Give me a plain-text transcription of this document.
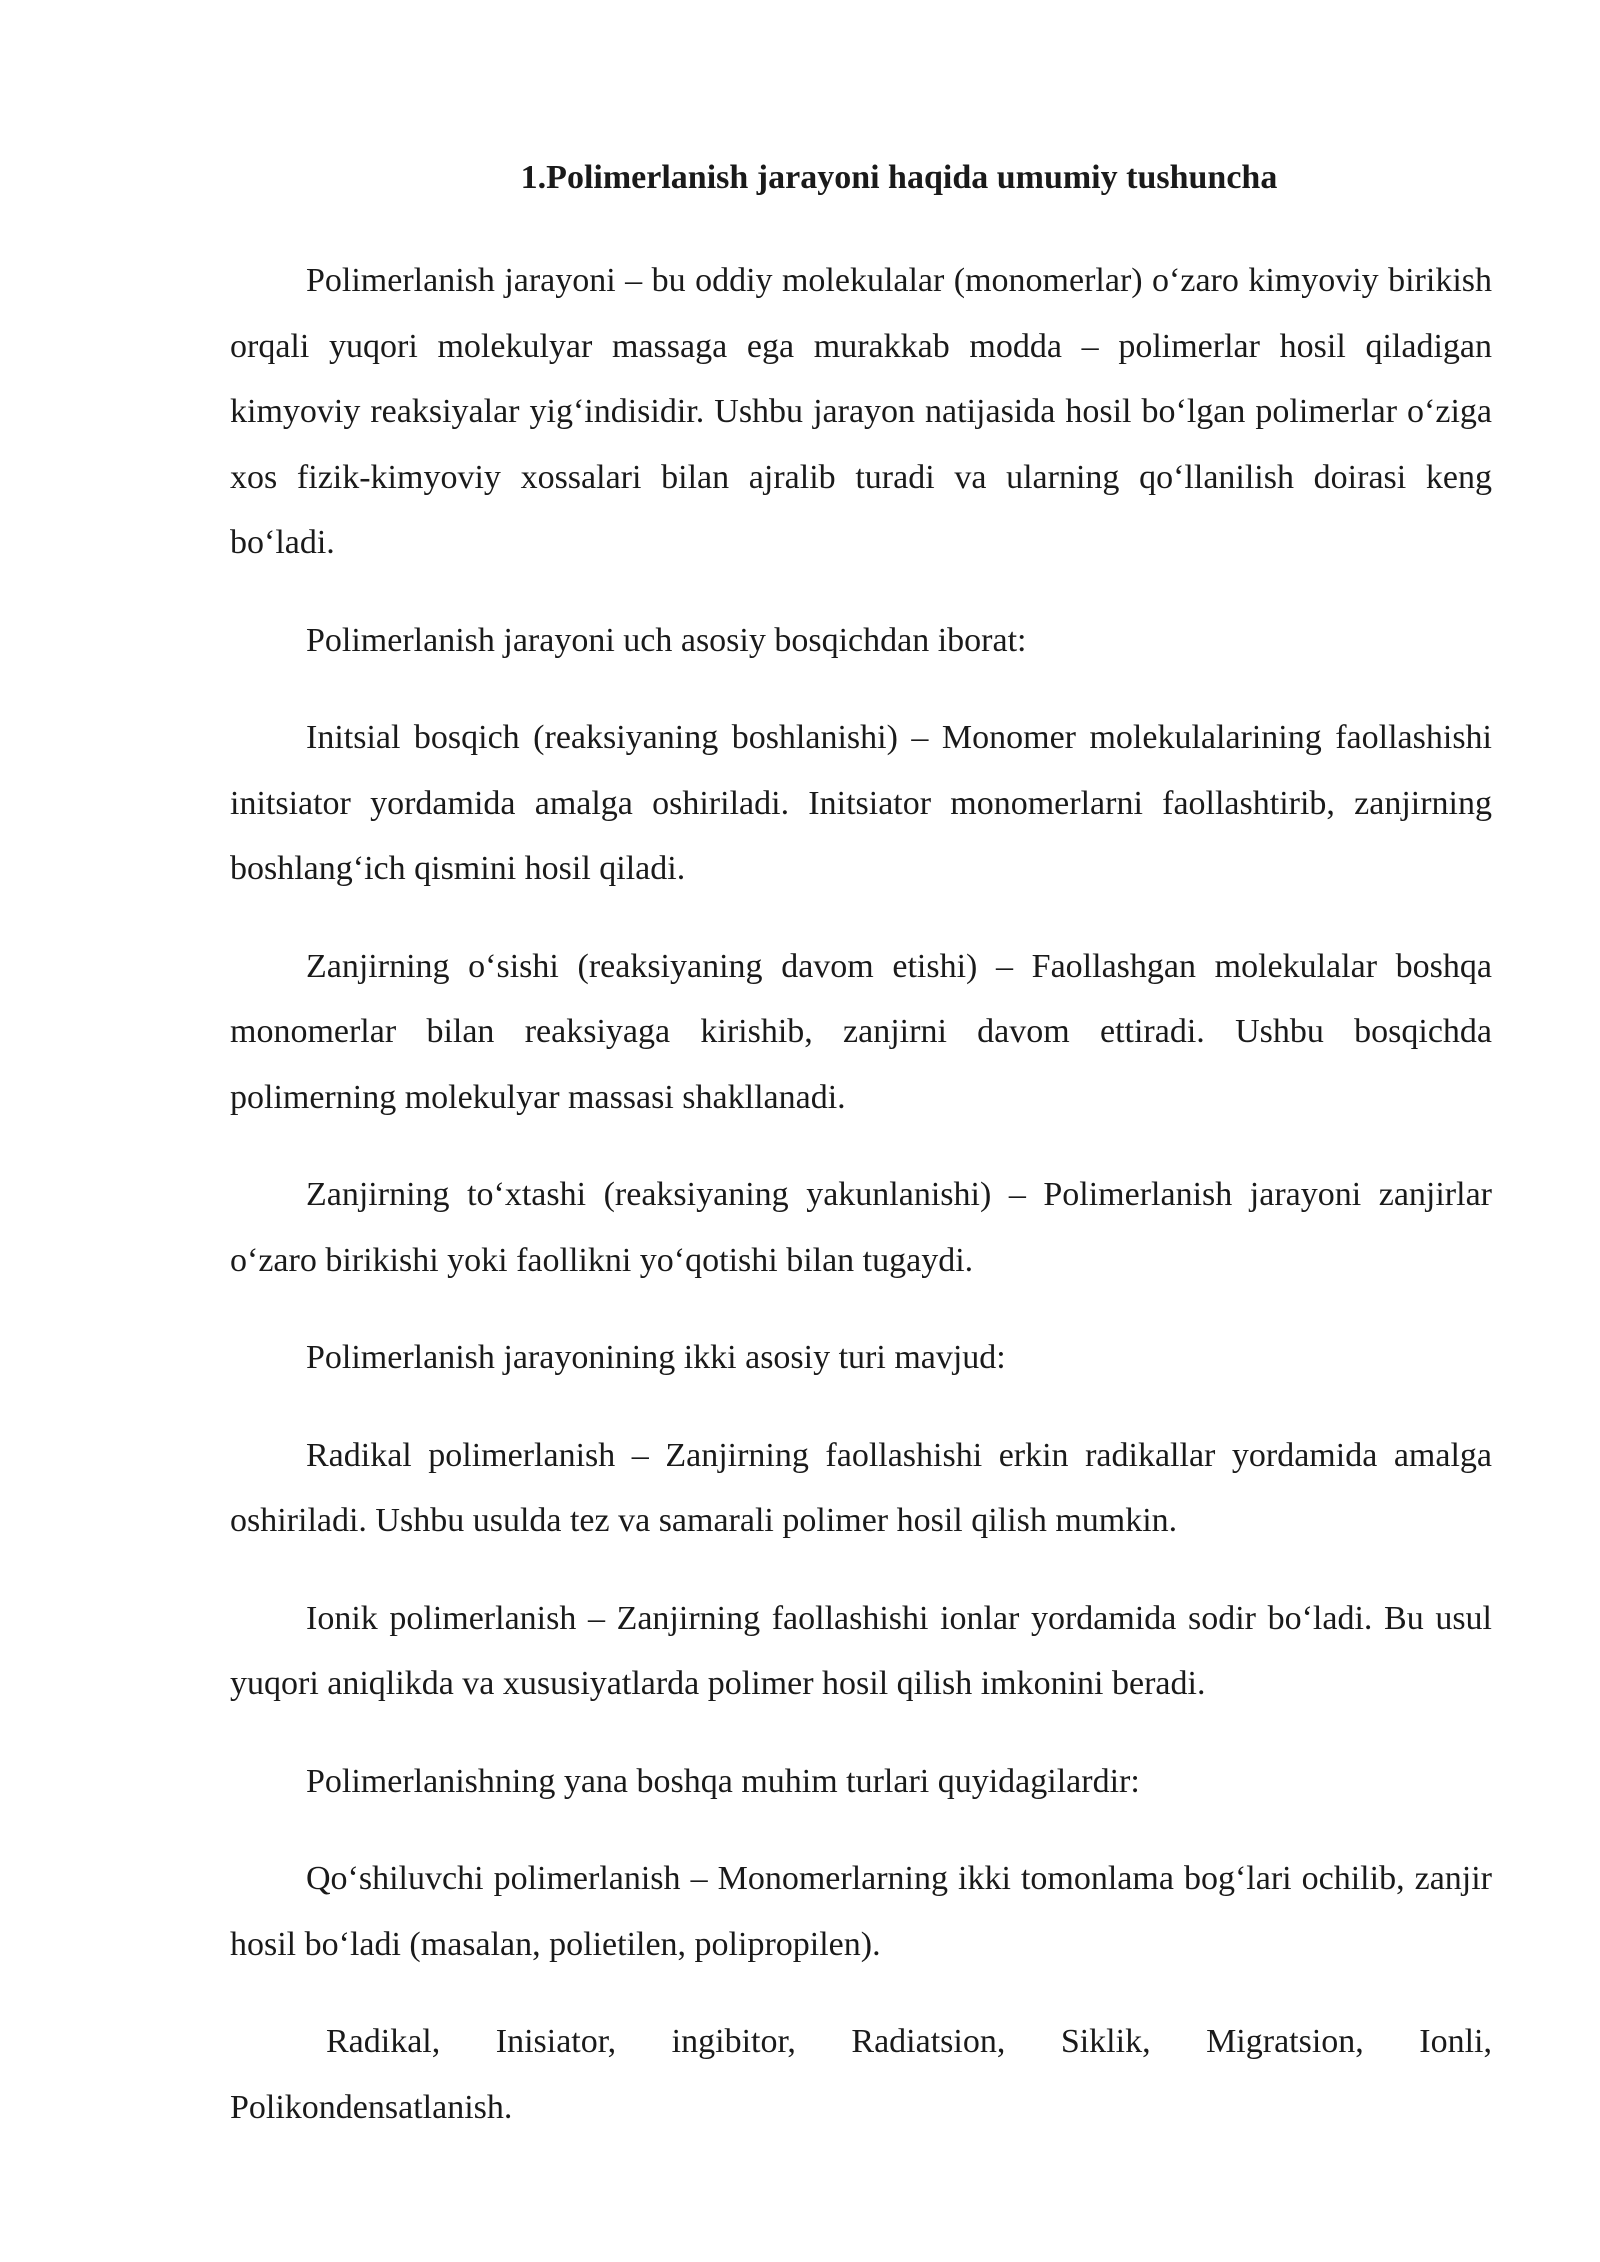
1.Polimerlanish jarayoni haqida umumiy tushuncha

Polimerlanish jarayoni – bu oddiy molekulalar (monomerlar) o‘zaro kimyoviy birikish orqali yuqori molekulyar massaga ega murakkab modda – polimerlar hosil qiladigan kimyoviy reaksiyalar yig‘indisidir. Ushbu jarayon natijasida hosil bo‘lgan polimerlar o‘ziga xos fizik-kimyoviy xossalari bilan ajralib turadi va ularning qo‘llanilish doirasi keng bo‘ladi.

Polimerlanish jarayoni uch asosiy bosqichdan iborat:

Initsial bosqich (reaksiyaning boshlanishi) – Monomer molekulalarining faollashishi initsiator yordamida amalga oshiriladi. Initsiator monomerlarni faollashtirib, zanjirning boshlang‘ich qismini hosil qiladi.

Zanjirning o‘sishi (reaksiyaning davom etishi) – Faollashgan molekulalar boshqa monomerlar bilan reaksiyaga kirishib, zanjirni davom ettiradi. Ushbu bosqichda polimerning molekulyar massasi shakllanadi.

Zanjirning to‘xtashi (reaksiyaning yakunlanishi) – Polimerlanish jarayoni zanjirlar o‘zaro birikishi yoki faollikni yo‘qotishi bilan tugaydi.

Polimerlanish jarayonining ikki asosiy turi mavjud:

Radikal polimerlanish – Zanjirning faollashishi erkin radikallar yordamida amalga oshiriladi. Ushbu usulda tez va samarali polimer hosil qilish mumkin.

Ionik polimerlanish – Zanjirning faollashishi ionlar yordamida sodir bo‘ladi. Bu usul yuqori aniqlikda va xususiyatlarda polimer hosil qilish imkonini beradi.

Polimerlanishning yana boshqa muhim turlari quyidagilardir:

Qo‘shiluvchi polimerlanish – Monomerlarning ikki tomonlama bog‘lari ochilib, zanjir hosil bo‘ladi (masalan, polietilen, polipropilen).

Radikal, Inisiator, ingibitor, Radiatsion, Siklik, Migratsion, Ionli, Polikondensatlanish.
